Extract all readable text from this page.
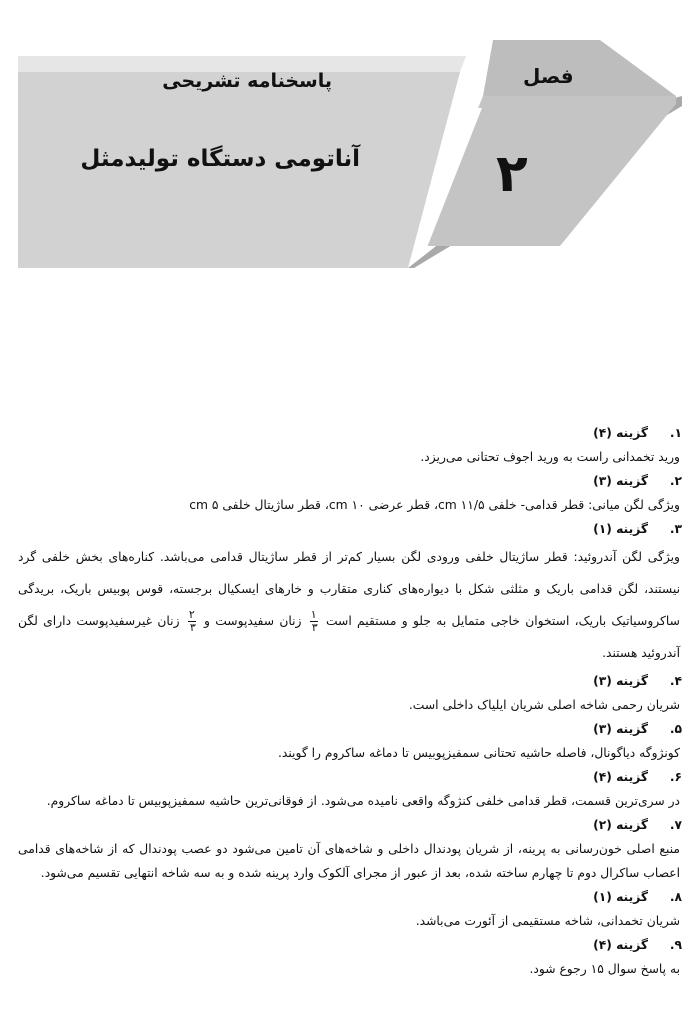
پاسخنامه تشریحی
آناتومی دستگاه تولیدمثل
فصل
۲
۱.
گزینه (۴)
ورید تخمدانی راست به ورید اجوف تحتانی می‌ریزد.
۲.
گزینه (۳)
ویژگی لگن میانی: قطر قدامی- خلفی ۱۱/۵ cm، قطر عرضی ۱۰ cm، قطر ساژیتال خلفی ۵ cm
۳.
گزینه (۱)
ویژگی لگن آندروئید: قطر ساژیتال خلفی ورودی لگن بسیار کم‌تر از قطر ساژیتال قدامی می‌باشد. کناره‌های بخش خلفی گرد نیستند، لگن قدامی باریک و مثلثی شکل با دیواره‌های کناری متقارب و خارهای ایسکیال برجسته، قوس پوبیس باریک، بریدگی ساکروسیاتیک باریک، استخوان خاجی متمایل به جلو و مستقیم است
$\frac{۱}{۳}$
زنان سفیدپوست و
$\frac{۲}{۳}$
زنان غیرسفیدپوست دارای لگن آندروئید هستند.
۴.
گزینه (۳)
شریان رحمی شاخه اصلی شریان ایلیاک داخلی است.
۵.
گزینه (۳)
کونژوگه دیاگونال، فاصله حاشیه تحتانی سمفیزپوبیس تا دماغه ساکروم را گویند.
۶.
گزینه (۴)
در سری‌ترین قسمت، قطر قدامی خلفی کنژوگه واقعی نامیده می‌شود. از فوقانی‌ترین حاشیه سمفیزپوبیس تا دماغه ساکروم.
۷.
گزینه (۲)
منبع اصلی خون‌رسانی به پرینه، از شریان پودندال داخلی و شاخه‌های آن تامین می‌شود دو عصب پودندال که از شاخه‌های قدامی اعصاب ساکرال دوم تا چهارم ساخته شده، بعد از عبور از مجرای آلکوک وارد پرینه شده و به سه شاخه انتهایی تقسیم می‌شود.
۸.
گزینه (۱)
شریان تخمدانی، شاخه مستقیمی از آئورت می‌باشد.
۹.
گزینه (۴)
به پاسخ سوال ۱۵ رجوع شود.
